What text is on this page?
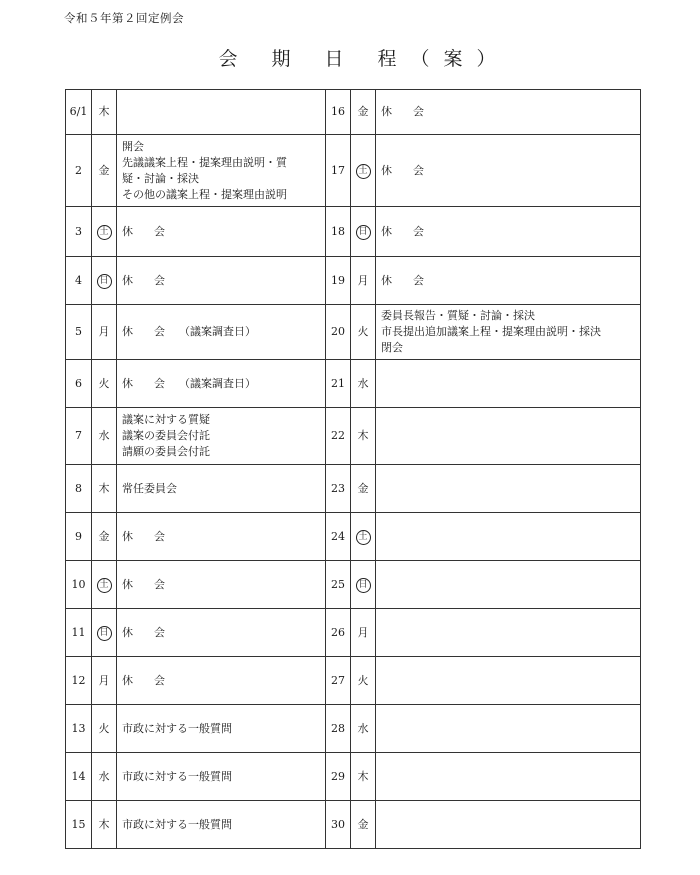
令和５年第２回定例会
会 期 日 程（案）
6/1	木		16	金	休会

2	金	開会
先議議案上程・提案理由説明・質
疑・討論・採決
その他の議案上程・提案理由説明	17	土	休会

3	土	休会	18	日	休会

4	日	休会	19	月	休会

5	月	休会 （議案調査日）	20	火	委員長報告・質疑・討論・採決
市長提出追加議案上程・提案理由説明・採決
閉会

6	火	休会 （議案調査日）	21	水	
7	水	議案に対する質疑
議案の委員会付託
請願の委員会付託	22	木	
8	木	常任委員会	23	金	
9	金	休会	24	土	
10	土	休会	25	日	
11	日	休会	26	月	
12	月	休会	27	火	
13	火	市政に対する一般質問	28	水	
14	水	市政に対する一般質問	29	木	
15	木	市政に対する一般質問	30	金	
